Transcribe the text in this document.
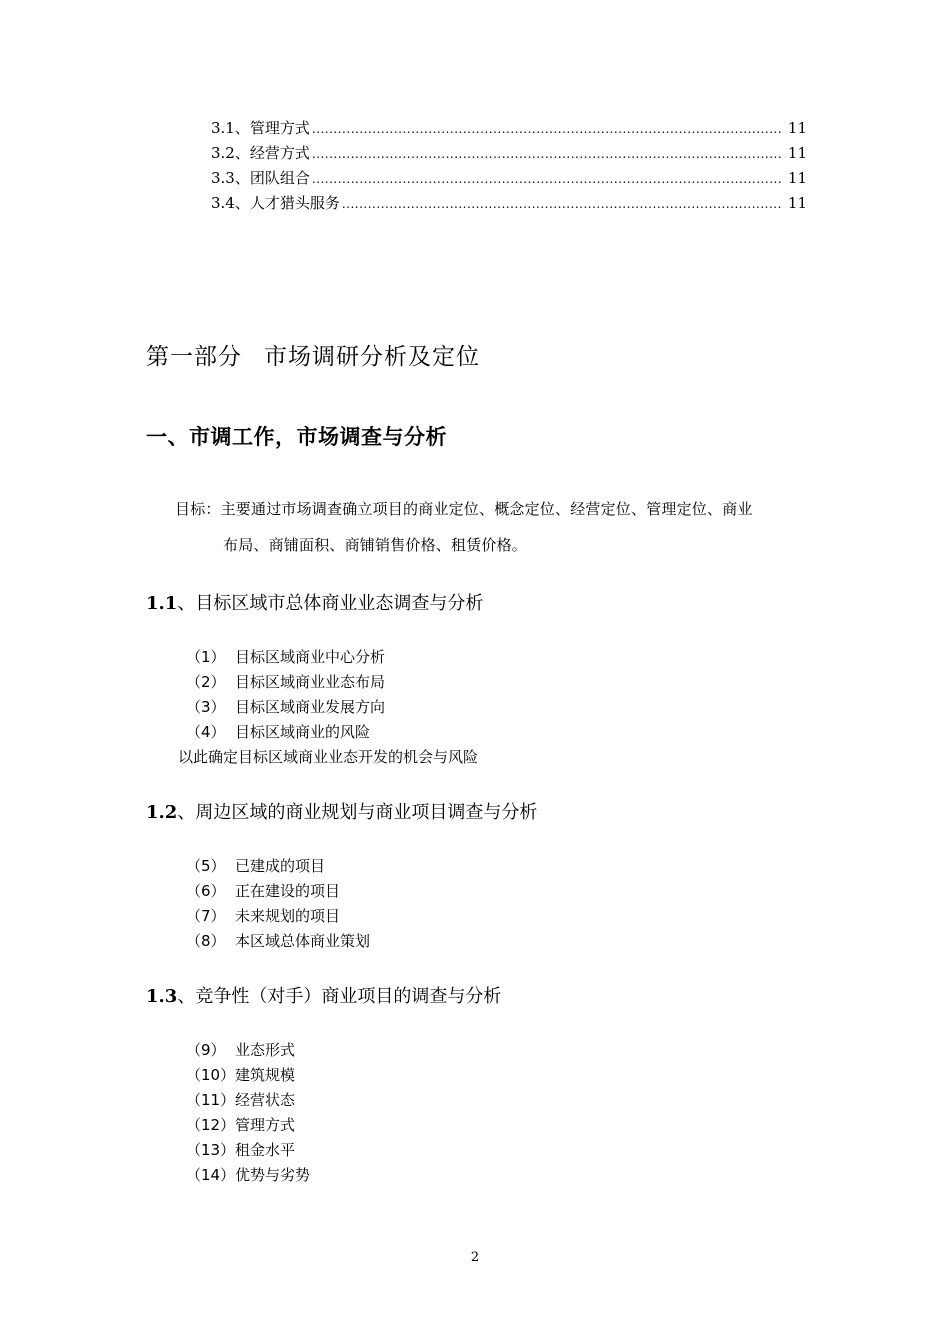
3.1、管理方式 .....	11
3.2、经营方式 .....	11
3.3、团队组合 .....	11
3.4、人才猎头服务 .....	11
第一部分 市场调研分析及定位
一、市调工作，市场调查与分析
目标：主要通过市场调查确立项目的商业定位、概念定位、经营定位、管理定位、商业
布局、商铺面积、商铺销售价格、租赁价格。
1.1、目标区域市总体商业业态调查与分析
（1） 目标区域商业中心分析
（2） 目标区域商业业态布局
（3） 目标区域商业发展方向
（4） 目标区域商业的风险
以此确定目标区域商业业态开发的机会与风险
1.2、周边区域的商业规划与商业项目调查与分析
（5） 已建成的项目
（6） 正在建设的项目
（7） 未来规划的项目
（8） 本区域总体商业策划
1.3、竞争性（对手）商业项目的调查与分析
（9） 业态形式
（10） 建筑规模
（11） 经营状态
（12） 管理方式
（13） 租金水平
（14） 优势与劣势
2
